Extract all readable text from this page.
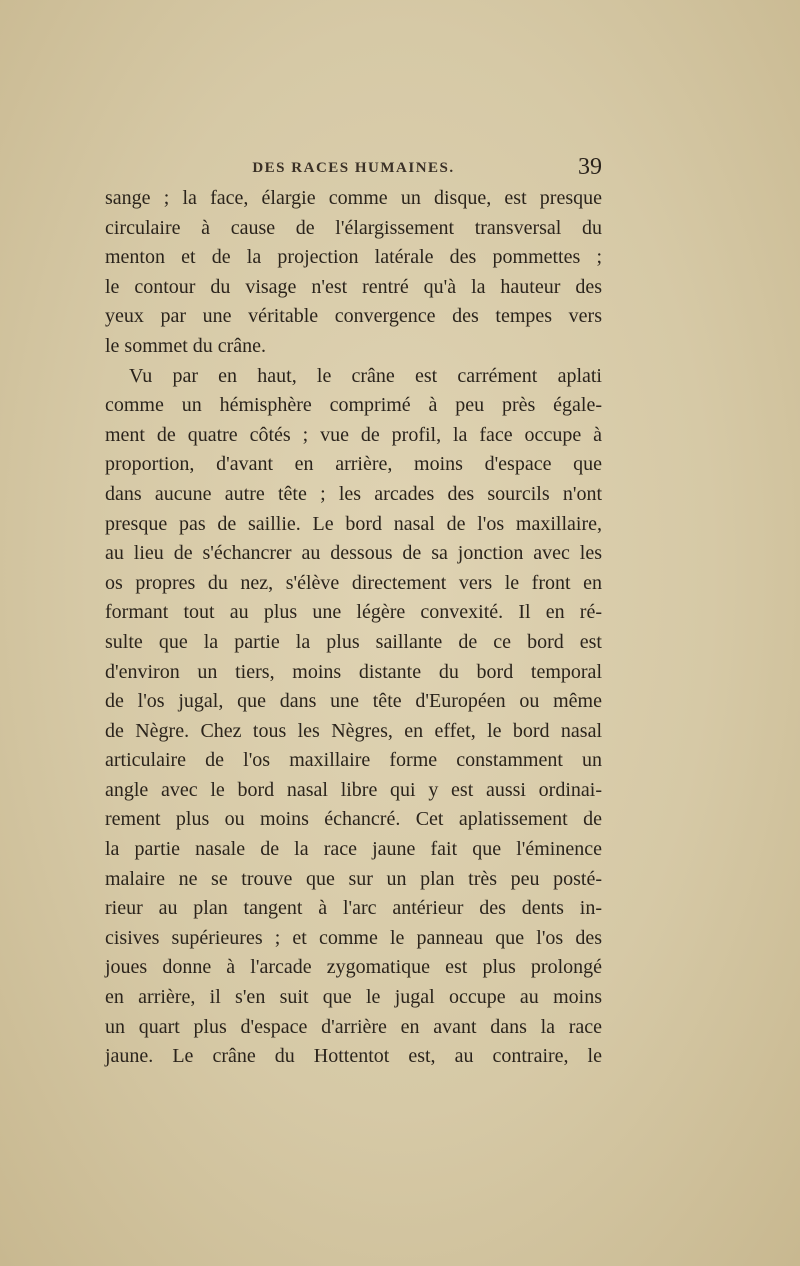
DES RACES HUMAINES.	39
sange ; la face, élargie comme un disque, est presque
circulaire à cause de l'élargissement transversal du
menton et de la projection latérale des pommettes ;
le contour du visage n'est rentré qu'à la hauteur des
yeux par une véritable convergence des tempes vers
le sommet du crâne.
Vu par en haut, le crâne est carrément aplati
comme un hémisphère comprimé à peu près égale-
ment de quatre côtés ; vue de profil, la face occupe à
proportion, d'avant en arrière, moins d'espace que
dans aucune autre tête ; les arcades des sourcils n'ont
presque pas de saillie. Le bord nasal de l'os maxillaire,
au lieu de s'échancrer au dessous de sa jonction avec les
os propres du nez, s'élève directement vers le front en
formant tout au plus une légère convexité. Il en ré-
sulte que la partie la plus saillante de ce bord est
d'environ un tiers, moins distante du bord temporal
de l'os jugal, que dans une tête d'Européen ou même
de Nègre. Chez tous les Nègres, en effet, le bord nasal
articulaire de l'os maxillaire forme constamment un
angle avec le bord nasal libre qui y est aussi ordinai-
rement plus ou moins échancré. Cet aplatissement de
la partie nasale de la race jaune fait que l'éminence
malaire ne se trouve que sur un plan très peu posté-
rieur au plan tangent à l'arc antérieur des dents in-
cisives supérieures ; et comme le panneau que l'os des
joues donne à l'arcade zygomatique est plus prolongé
en arrière, il s'en suit que le jugal occupe au moins
un quart plus d'espace d'arrière en avant dans la race
jaune. Le crâne du Hottentot est, au contraire, le
